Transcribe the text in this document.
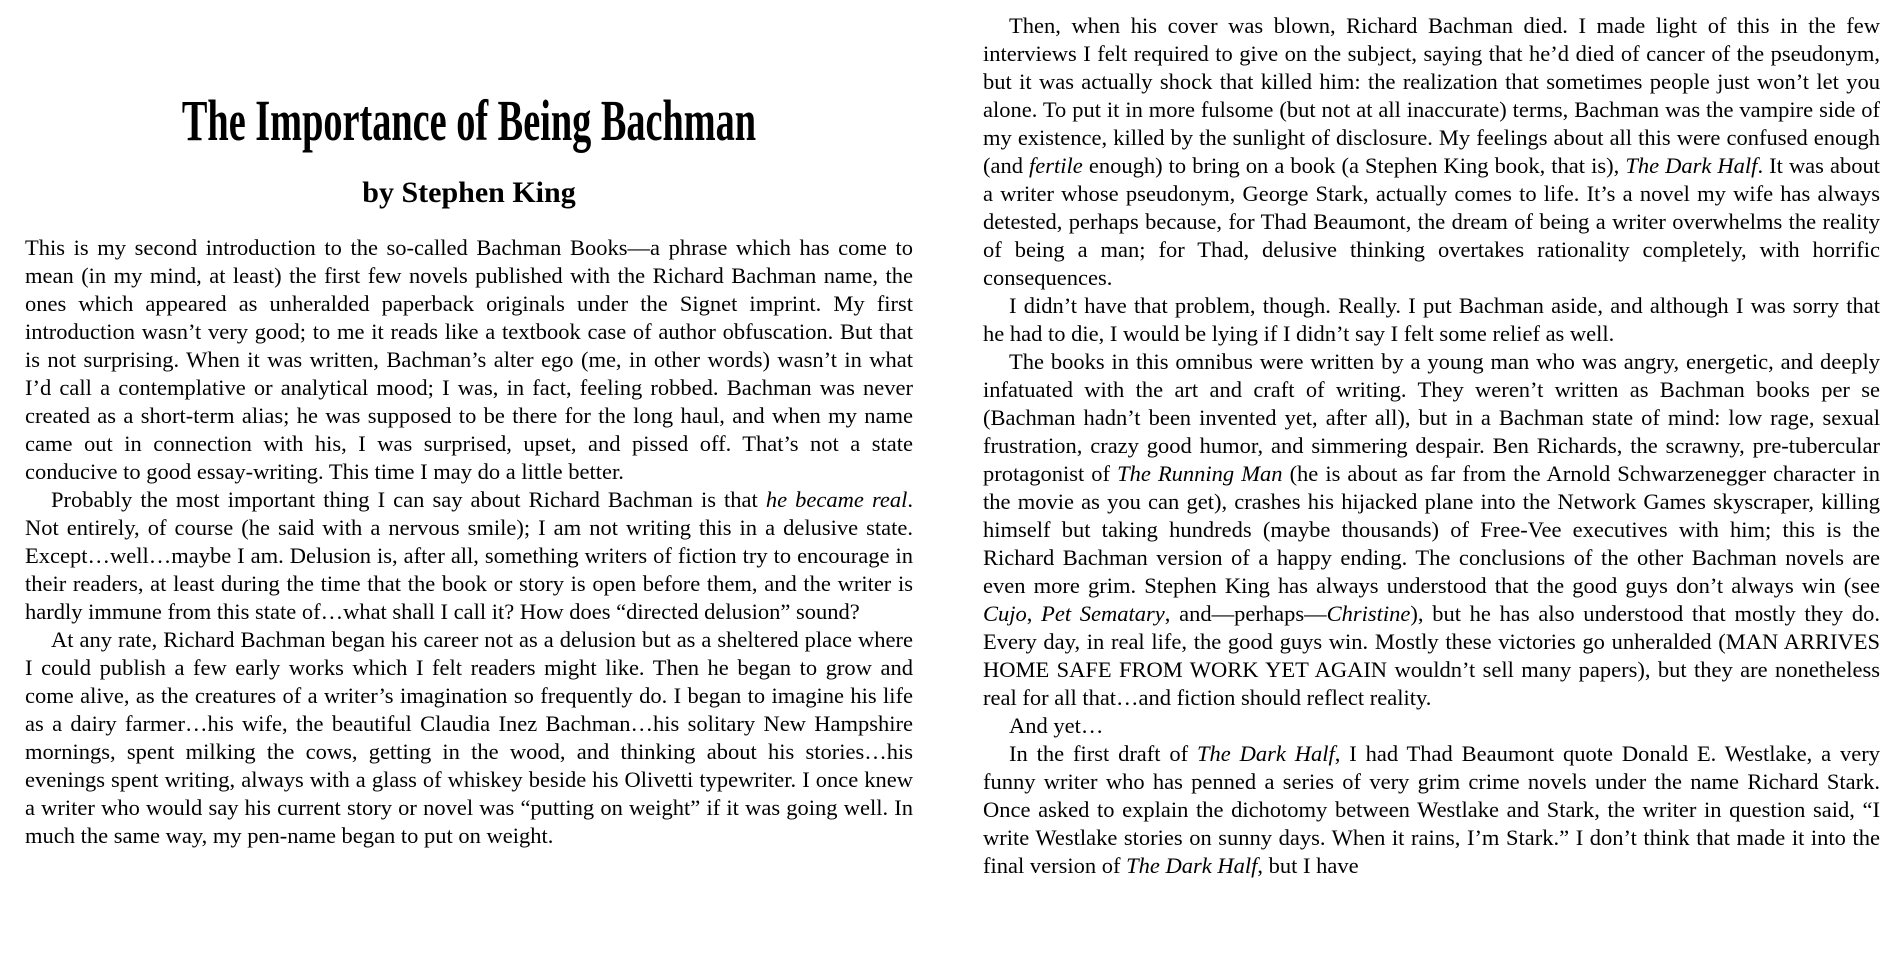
The Importance of Being Bachman
by Stephen King

This is my second introduction to the so-called Bachman Books—a phrase which has come to mean (in my mind, at least) the first few novels published with the Richard Bachman name, the ones which appeared as unheralded paperback originals under the Signet imprint. My first introduction wasn’t very good; to me it reads like a textbook case of author obfuscation. But that is not surprising. When it was written, Bachman’s alter ego (me, in other words) wasn’t in what I’d call a contemplative or analytical mood; I was, in fact, feeling robbed. Bachman was never created as a short-term alias; he was supposed to be there for the long haul, and when my name came out in connection with his, I was surprised, upset, and pissed off. That’s not a state conducive to good essay-writing. This time I may do a little better.

Probably the most important thing I can say about Richard Bachman is that he became real. Not entirely, of course (he said with a nervous smile); I am not writing this in a delusive state. Except…well…maybe I am. Delusion is, after all, something writers of fiction try to encourage in their readers, at least during the time that the book or story is open before them, and the writer is hardly immune from this state of…what shall I call it? How does “directed delusion” sound?

At any rate, Richard Bachman began his career not as a delusion but as a sheltered place where I could publish a few early works which I felt readers might like. Then he began to grow and come alive, as the creatures of a writer’s imagination so frequently do. I began to imagine his life as a dairy farmer…his wife, the beautiful Claudia Inez Bachman…his solitary New Hampshire mornings, spent milking the cows, getting in the wood, and thinking about his stories…his evenings spent writing, always with a glass of whiskey beside his Olivetti typewriter. I once knew a writer who would say his current story or novel was “putting on weight” if it was going well. In much the same way, my pen-name began to put on weight.

Then, when his cover was blown, Richard Bachman died. I made light of this in the few interviews I felt required to give on the subject, saying that he’d died of cancer of the pseudonym, but it was actually shock that killed him: the realization that sometimes people just won’t let you alone. To put it in more fulsome (but not at all inaccurate) terms, Bachman was the vampire side of my existence, killed by the sunlight of disclosure. My feelings about all this were confused enough (and fertile enough) to bring on a book (a Stephen King book, that is), The Dark Half. It was about a writer whose pseudonym, George Stark, actually comes to life. It’s a novel my wife has always detested, perhaps because, for Thad Beaumont, the dream of being a writer overwhelms the reality of being a man; for Thad, delusive thinking overtakes rationality completely, with horrific consequences.

I didn’t have that problem, though. Really. I put Bachman aside, and although I was sorry that he had to die, I would be lying if I didn’t say I felt some relief as well.

The books in this omnibus were written by a young man who was angry, energetic, and deeply infatuated with the art and craft of writing. They weren’t written as Bachman books per se (Bachman hadn’t been invented yet, after all), but in a Bachman state of mind: low rage, sexual frustration, crazy good humor, and simmering despair. Ben Richards, the scrawny, pre-tubercular protagonist of The Running Man (he is about as far from the Arnold Schwarzenegger character in the movie as you can get), crashes his hijacked plane into the Network Games skyscraper, killing himself but taking hundreds (maybe thousands) of Free-Vee executives with him; this is the Richard Bachman version of a happy ending. The conclusions of the other Bachman novels are even more grim. Stephen King has always understood that the good guys don’t always win (see Cujo, Pet Sematary, and—perhaps—Christine), but he has also understood that mostly they do. Every day, in real life, the good guys win. Mostly these victories go unheralded (MAN ARRIVES HOME SAFE FROM WORK YET AGAIN wouldn’t sell many papers), but they are nonetheless real for all that…and fiction should reflect reality.

And yet…

In the first draft of The Dark Half, I had Thad Beaumont quote Donald E. Westlake, a very funny writer who has penned a series of very grim crime novels under the name Richard Stark. Once asked to explain the dichotomy between Westlake and Stark, the writer in question said, “I write Westlake stories on sunny days. When it rains, I’m Stark.” I don’t think that made it into the final version of The Dark Half, but I have
